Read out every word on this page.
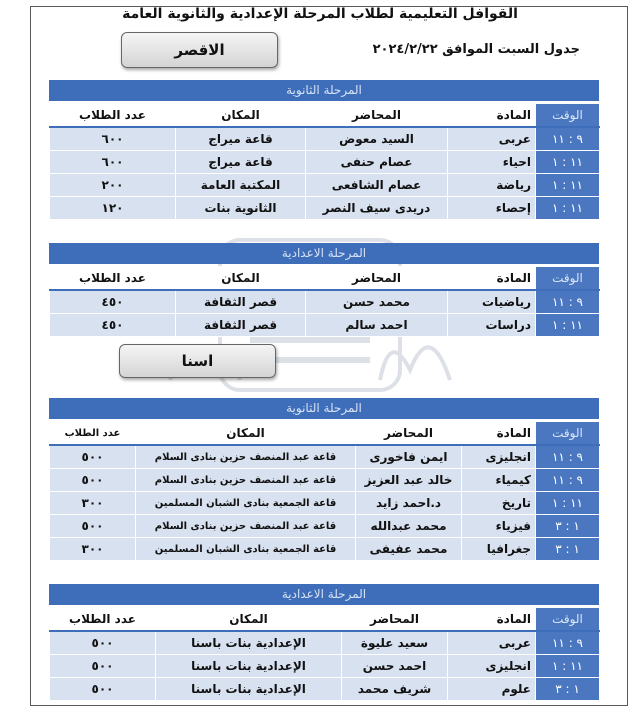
القوافل التعليمية لطلاب المرحلة الإعدادية والثانوية العامة
الاقصر	جدول السبت الموافق ٢٠٢٤/٢/٢٢
المرحلة الثانوية
الوقت	المادة	المحاضر	المكان	عدد الطلاب
٩ : ١١	عربى	السيد معوض	قاعة ميراج	٦٠٠
١١ : ١	احياء	عصام حنفى	قاعة ميراج	٦٠٠
١١ : ١	رياضة	عصام الشافعى	المكتبة العامة	٢٠٠
١١ : ١	إحصاء	دريدى سيف النصر	الثانوية بنات	١٢٠
المرحلة الاعدادية
الوقت	المادة	المحاضر	المكان	عدد الطلاب
٩ : ١١	رياضيات	محمد حسن	قصر الثقافة	٤٥٠
١١ : ١	دراسات	احمد سالم	قصر الثقافة	٤٥٠
اسنا
المرحلة الثانوية
الوقت	المادة	المحاضر	المكان	عدد الطلاب
٩ : ١١	انجليزى	ايمن فاخورى	قاعة عبد المنصف حزين بنادى السلام	٥٠٠
٩ : ١١	كيمياء	خالد عبد العزيز	قاعة عبد المنصف حزين بنادى السلام	٥٠٠
١١ : ١	تاريخ	د.احمد زايد	قاعة الجمعية بنادى الشبان المسلمين	٣٠٠
١ : ٣	فيزياء	محمد عبدالله	قاعة عبد المنصف حزين بنادى السلام	٥٠٠
١ : ٣	جغرافيا	محمد عفيفى	قاعة الجمعية بنادى الشبان المسلمين	٣٠٠
المرحلة الاعدادية
الوقت	المادة	المحاضر	المكان	عدد الطلاب
٩ : ١١	عربى	سعيد عليوة	الإعدادية بنات باسنا	٥٠٠
١١ : ١	انجليزى	احمد حسن	الإعدادية بنات باسنا	٥٠٠
١ : ٣	علوم	شريف محمد	الإعدادية بنات باسنا	٥٠٠
